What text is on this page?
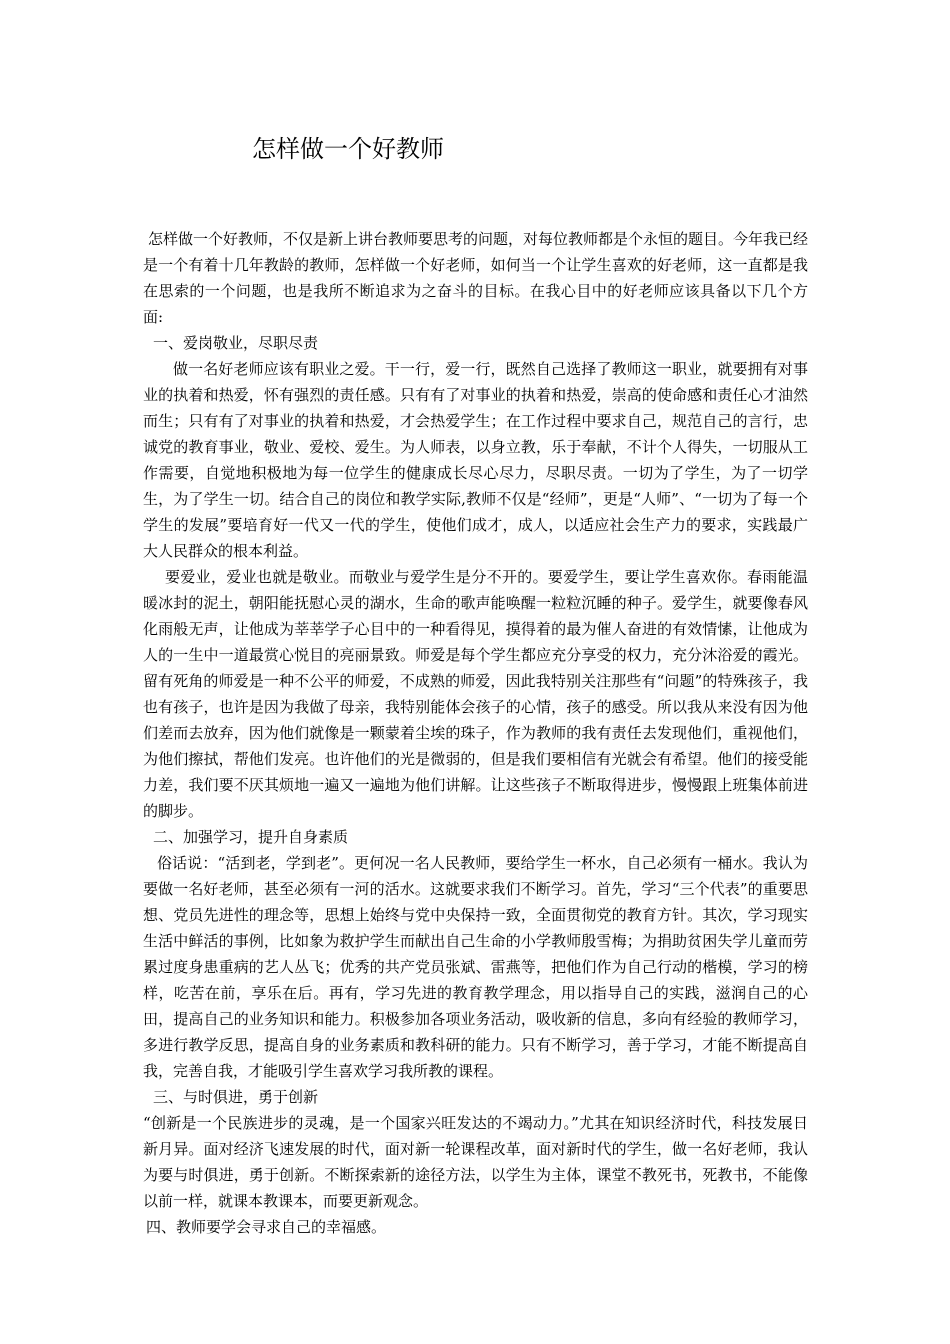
怎样做一个好教师

怎样做一个好教师，不仅是新上讲台教师要思考的问题，对每位教师都是个永恒的题目。今年我已经是一个有着十几年教龄的教师，怎样做一个好老师，如何当一个让学生喜欢的好老师，这一直都是我在思索的一个问题，也是我所不断追求为之奋斗的目标。在我心目中的好老师应该具备以下几个方面:

一、爱岗敬业，尽职尽责

做一名好老师应该有职业之爱。干一行，爱一行，既然自己选择了教师这一职业，就要拥有对事业的执着和热爱，怀有强烈的责任感。只有有了对事业的执着和热爱，崇高的使命感和责任心才油然而生；只有有了对事业的执着和热爱，才会热爱学生；在工作过程中要求自己，规范自己的言行，忠诚党的教育事业，敬业、爱校、爱生。为人师表，以身立教，乐于奉献，不计个人得失，一切服从工作需要，自觉地积极地为每一位学生的健康成长尽心尽力，尽职尽责。一切为了学生，为了一切学生，为了学生一切。结合自己的岗位和教学实际,教师不仅是“经师”，更是“人师”、“一切为了每一个学生的发展”要培育好一代又一代的学生，使他们成才，成人，以适应社会生产力的要求，实践最广大人民群众的根本利益。

要爱业，爱业也就是敬业。而敬业与爱学生是分不开的。要爱学生，要让学生喜欢你。春雨能温暖冰封的泥土，朝阳能抚慰心灵的湖水，生命的歌声能唤醒一粒粒沉睡的种子。爱学生，就要像春风化雨般无声，让他成为莘莘学子心目中的一种看得见，摸得着的最为催人奋进的有效情愫，让他成为人的一生中一道最赏心悦目的亮丽景致。师爱是每个学生都应充分享受的权力，充分沐浴爱的霞光。留有死角的师爱是一种不公平的师爱，不成熟的师爱，因此我特别关注那些有“问题”的特殊孩子，我也有孩子，也许是因为我做了母亲，我特别能体会孩子的心情，孩子的感受。所以我从来没有因为他们差而去放弃，因为他们就像是一颗蒙着尘埃的珠子，作为教师的我有责任去发现他们，重视他们，为他们擦拭，帮他们发亮。也许他们的光是微弱的，但是我们要相信有光就会有希望。他们的接受能力差，我们要不厌其烦地一遍又一遍地为他们讲解。让这些孩子不断取得进步，慢慢跟上班集体前进的脚步。

二、加强学习，提升自身素质

俗话说：“活到老，学到老”。更何况一名人民教师，要给学生一杯水，自己必须有一桶水。我认为要做一名好老师，甚至必须有一河的活水。这就要求我们不断学习。首先，学习“三个代表”的重要思想、党员先进性的理念等，思想上始终与党中央保持一致，全面贯彻党的教育方针。其次，学习现实生活中鲜活的事例，比如象为救护学生而献出自己生命的小学教师殷雪梅；为捐助贫困失学儿童而劳累过度身患重病的艺人丛飞；优秀的共产党员张斌、雷燕等，把他们作为自己行动的楷模，学习的榜样，吃苦在前，享乐在后。再有，学习先进的教育教学理念，用以指导自己的实践，滋润自己的心田，提高自己的业务知识和能力。积极参加各项业务活动，吸收新的信息，多向有经验的教师学习，多进行教学反思，提高自身的业务素质和教科研的能力。只有不断学习，善于学习，才能不断提高自我，完善自我，才能吸引学生喜欢学习我所教的课程。

三、与时俱进，勇于创新

“创新是一个民族进步的灵魂，是一个国家兴旺发达的不竭动力。”尤其在知识经济时代，科技发展日新月异。面对经济飞速发展的时代，面对新一轮课程改革，面对新时代的学生，做一名好老师，我认为要与时俱进，勇于创新。不断探索新的途径方法，以学生为主体，课堂不教死书，死教书，不能像以前一样，就课本教课本，而要更新观念。

四、教师要学会寻求自己的幸福感。
